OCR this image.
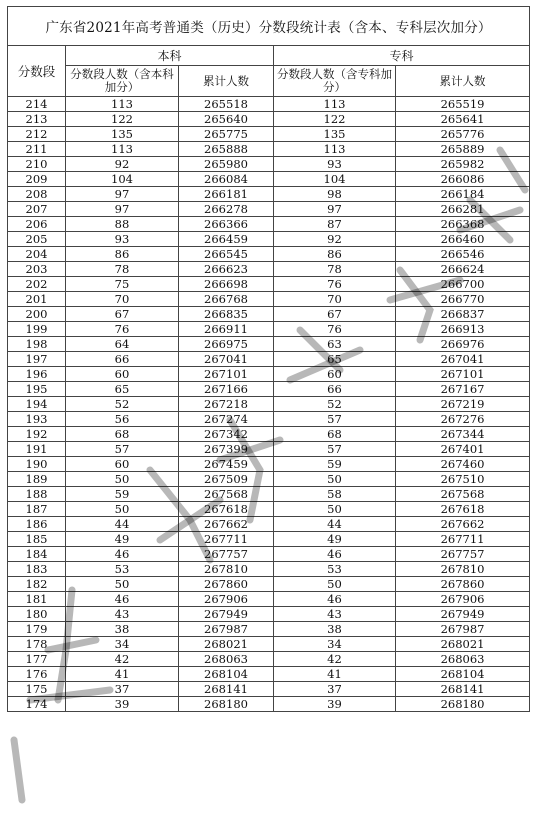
广东省2021年高考普通类（历史）分数段统计表（含本、专科层次加分）				
分数段	本科		专科	
	分数段人数（含本科加分）	累计人数	分数段人数（含专科加分）	累计人数
214	113	265518	113	265519
213	122	265640	122	265641
212	135	265775	135	265776
211	113	265888	113	265889
210	92	265980	93	265982
209	104	266084	104	266086
208	97	266181	98	266184
207	97	266278	97	266281
206	88	266366	87	266368
205	93	266459	92	266460
204	86	266545	86	266546
203	78	266623	78	266624
202	75	266698	76	266700
201	70	266768	70	266770
200	67	266835	67	266837
199	76	266911	76	266913
198	64	266975	63	266976
197	66	267041	65	267041
196	60	267101	60	267101
195	65	267166	66	267167
194	52	267218	52	267219
193	56	267274	57	267276
192	68	267342	68	267344
191	57	267399	57	267401
190	60	267459	59	267460
189	50	267509	50	267510
188	59	267568	58	267568
187	50	267618	50	267618
186	44	267662	44	267662
185	49	267711	49	267711
184	46	267757	46	267757
183	53	267810	53	267810
182	50	267860	50	267860
181	46	267906	46	267906
180	43	267949	43	267949
179	38	267987	38	267987
178	34	268021	34	268021
177	42	268063	42	268063
176	41	268104	41	268104
175	37	268141	37	268141
174	39	268180	39	268180
